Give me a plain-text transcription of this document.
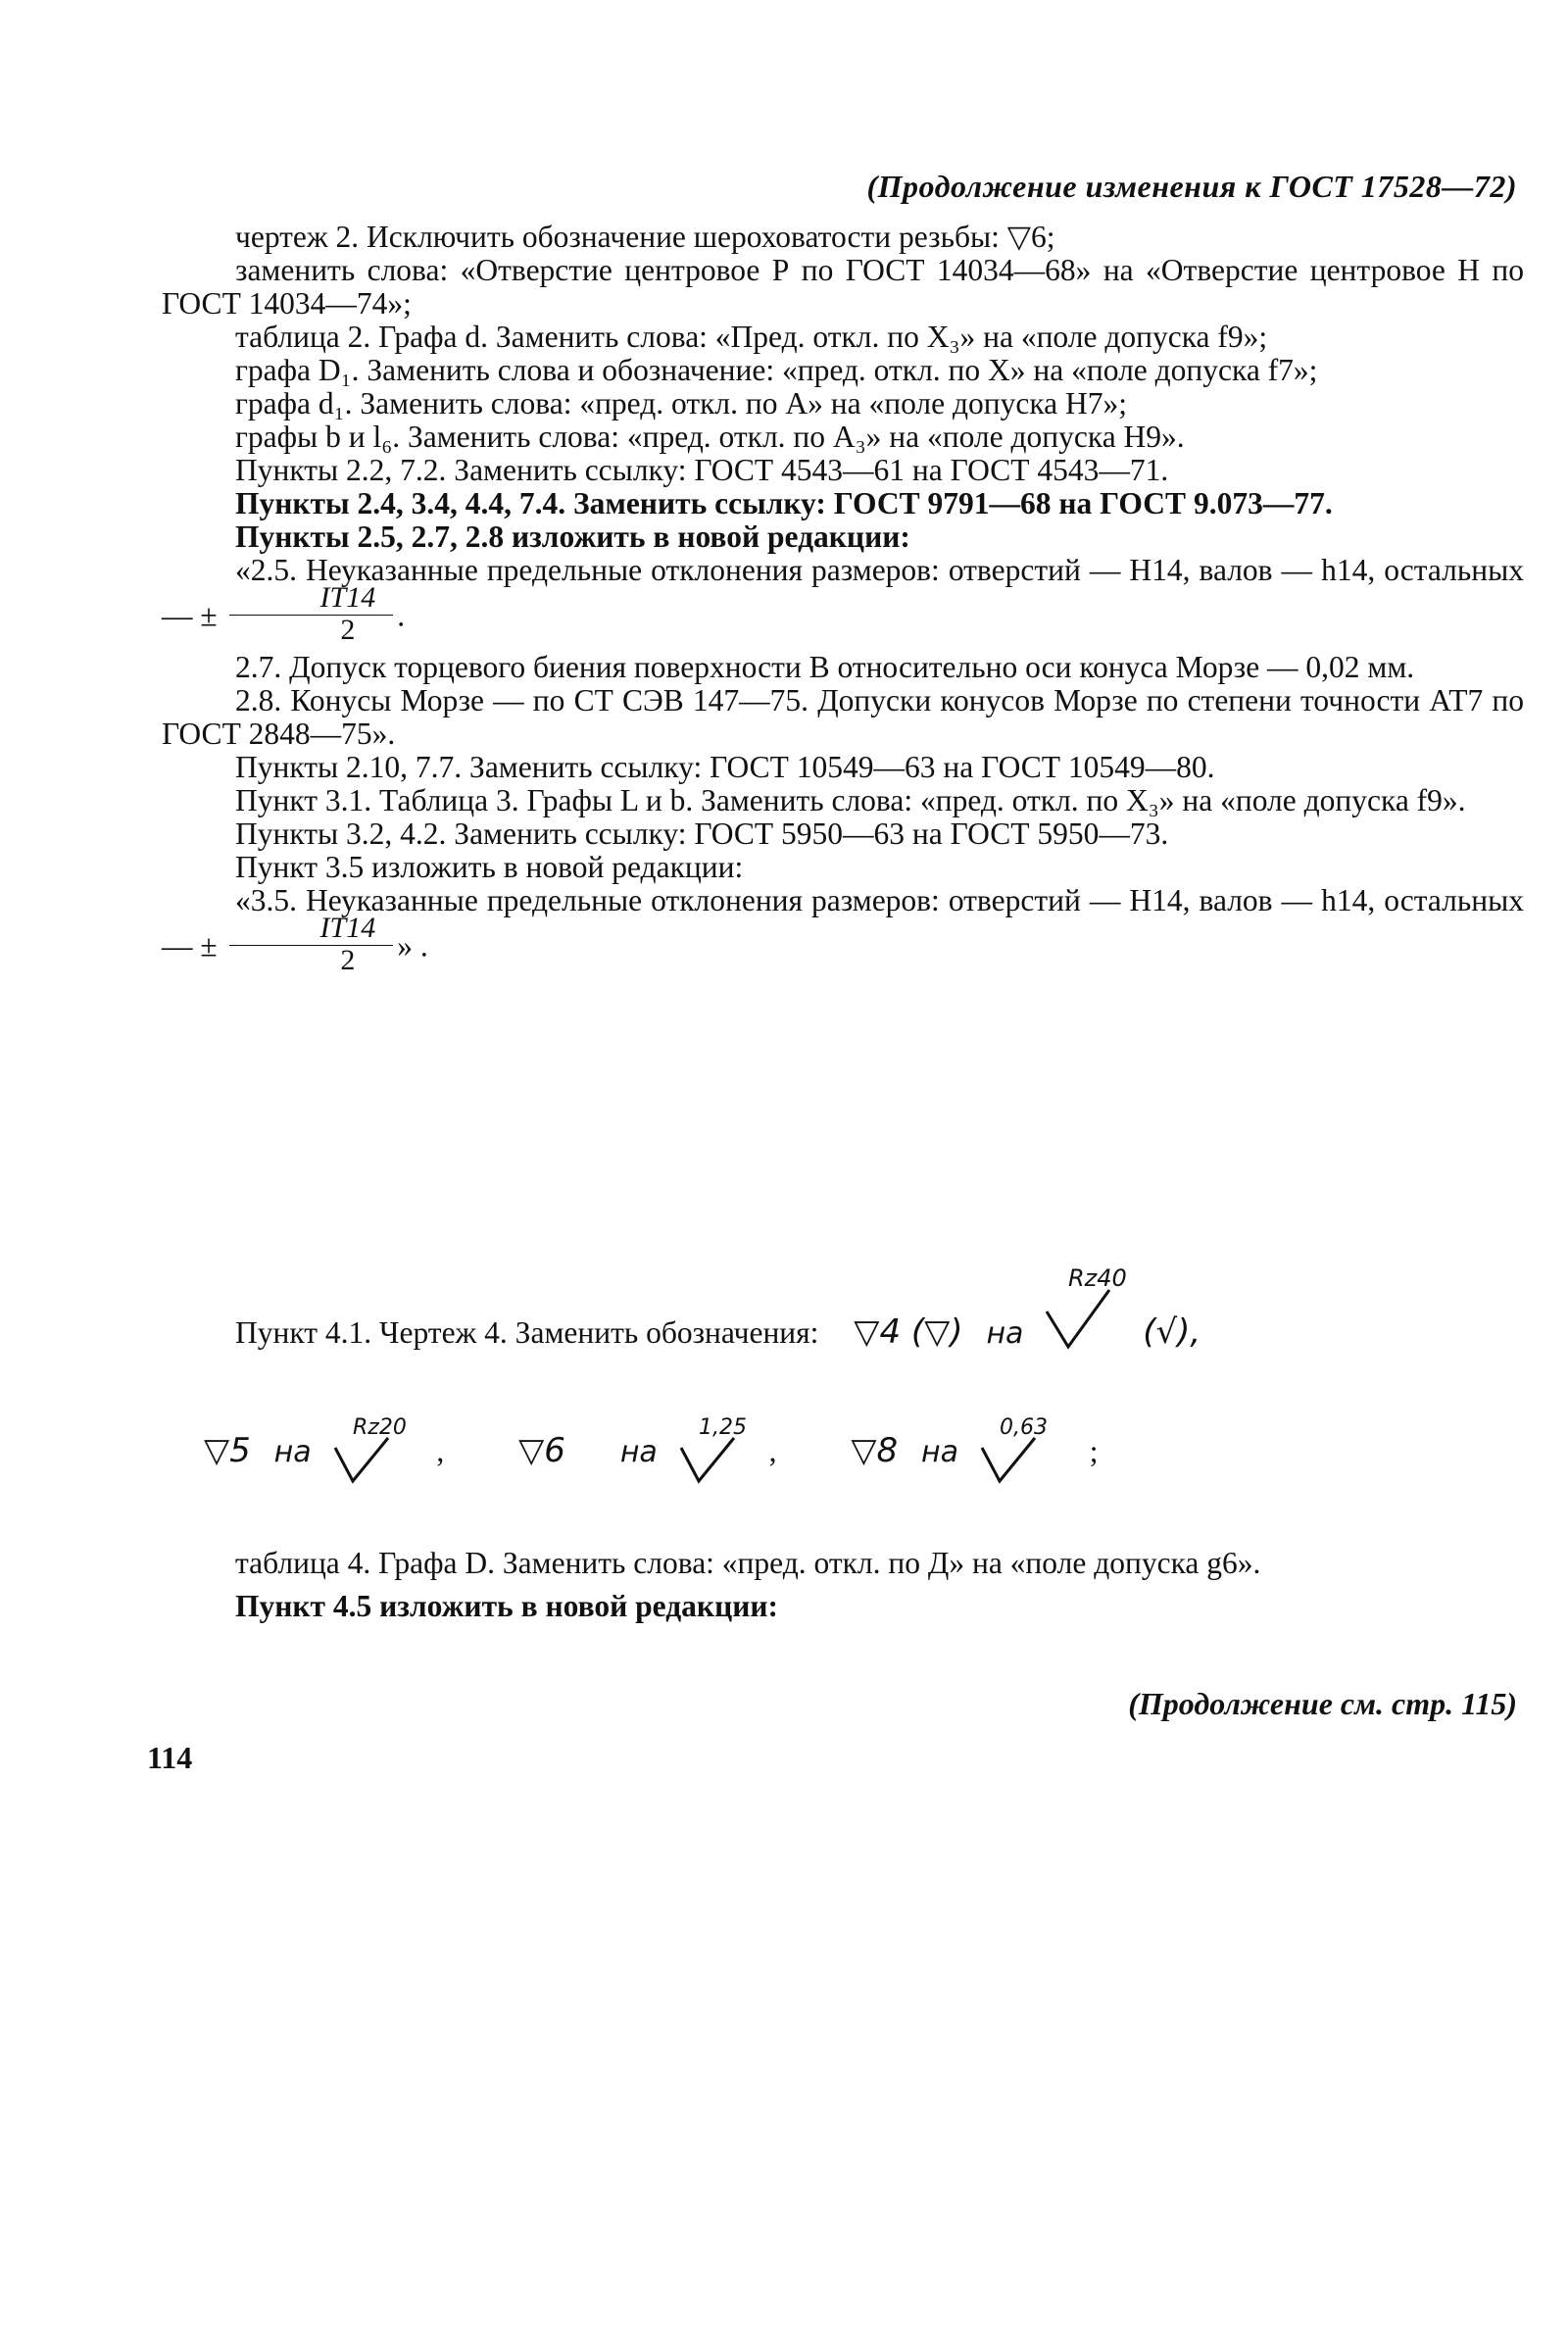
(Продолжение изменения к ГОСТ 17528—72)

чертеж 2. Исключить обозначение шероховатости резьбы: ▽6;

заменить слова: «Отверстие центровое Р по ГОСТ 14034—68» на «Отверстие центровое Н по ГОСТ 14034—74»;

таблица 2. Графа d. Заменить слова: «Пред. откл. по X₃» на «поле допуска f9»;

графа D₁. Заменить слова и обозначение: «пред. откл. по X» на «поле допуска f7»;

графа d₁. Заменить слова: «пред. откл. по А» на «поле допуска Н7»;

графы b и l₆. Заменить слова: «пред. откл. по А₃» на «поле допуска Н9».

Пункты 2.2, 7.2. Заменить ссылку: ГОСТ 4543—61 на ГОСТ 4543—71.

Пункты 2.4, 3.4, 4.4, 7.4. Заменить ссылку: ГОСТ 9791—68 на ГОСТ 9.073—77.

Пункты 2.5, 2.7, 2.8 изложить в новой редакции:

«2.5. Неуказанные предельные отклонения размеров: отверстий — Н14, валов — h14, остальных — ± $\frac{IT14}{2}$ .

2.7. Допуск торцевого биения поверхности В относительно оси конуса Морзе — 0,02 мм.

2.8. Конусы Морзе — по СТ СЭВ 147—75. Допуски конусов Морзе по степени точности АТ7 по ГОСТ 2848—75».

Пункты 2.10, 7.7. Заменить ссылку: ГОСТ 10549—63 на ГОСТ 10549—80.

Пункт 3.1. Таблица 3. Графы L и b. Заменить слова: «пред. откл. по X₃» на «поле допуска f9».

Пункты 3.2, 4.2. Заменить ссылку: ГОСТ 5950—63 на ГОСТ 5950—73.

Пункт 3.5 изложить в новой редакции:

«3.5. Неуказанные предельные отклонения размеров: отверстий — Н14, валов — h14, остальных — ± $\frac{IT14}{2}$ » .

Пункт 4.1. Чертеж 4. Заменить обозначения: ▽4 (▽) на
Rz40
(√),
▽5 на
Rz20
, ▽6 на
1,25
, ▽8 на
0,63
;

таблица 4. Графа D. Заменить слова: «пред. откл. по Д» на «поле допуска g6».

Пункт 4.5 изложить в новой редакции:

(Продолжение см. стр. 115)
114
